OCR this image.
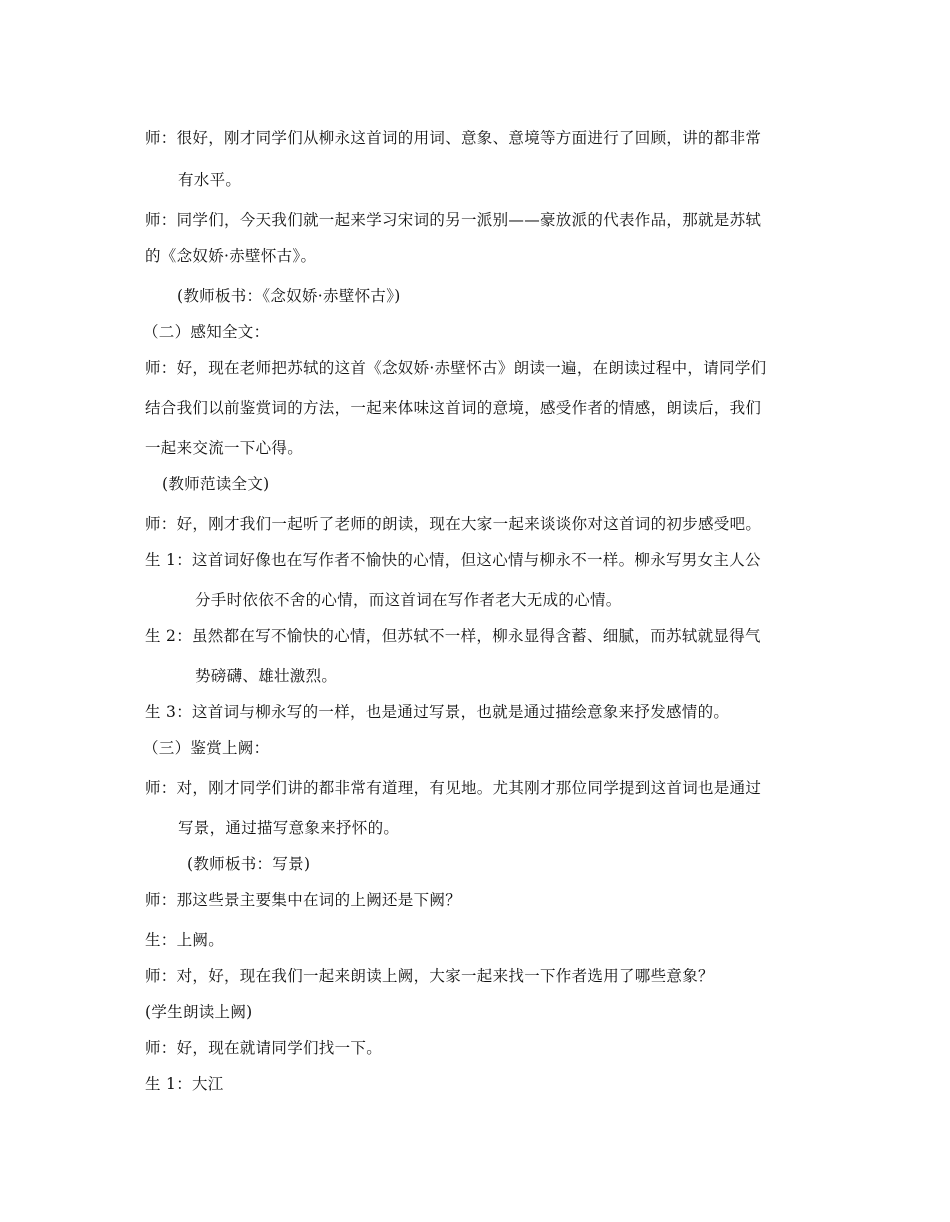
师：很好，刚才同学们从柳永这首词的用词、意象、意境等方面进行了回顾，讲的都非常
有水平。
师：同学们，今天我们就一起来学习宋词的另一派别——豪放派的代表作品，那就是苏轼
的《念奴娇·赤壁怀古》。
(教师板书：《念奴娇·赤壁怀古》)
（二）感知全文：
师：好，现在老师把苏轼的这首《念奴娇·赤壁怀古》朗读一遍，在朗读过程中，请同学们
结合我们以前鉴赏词的方法，一起来体味这首词的意境，感受作者的情感，朗读后，我们
一起来交流一下心得。
(教师范读全文)
师：好，刚才我们一起听了老师的朗读，现在大家一起来谈谈你对这首词的初步感受吧。
生 1：这首词好像也在写作者不愉快的心情，但这心情与柳永不一样。柳永写男女主人公
分手时依依不舍的心情，而这首词在写作者老大无成的心情。
生 2：虽然都在写不愉快的心情，但苏轼不一样，柳永显得含蓄、细腻，而苏轼就显得气
势磅礴、雄壮激烈。
生 3：这首词与柳永写的一样，也是通过写景，也就是通过描绘意象来抒发感情的。
（三）鉴赏上阙：
师：对，刚才同学们讲的都非常有道理，有见地。尤其刚才那位同学提到这首词也是通过
写景，通过描写意象来抒怀的。
(教师板书：写景)
师：那这些景主要集中在词的上阙还是下阙？
生：上阙。
师：对，好，现在我们一起来朗读上阙，大家一起来找一下作者选用了哪些意象？
(学生朗读上阙)
师：好，现在就请同学们找一下。
生 1：大江
